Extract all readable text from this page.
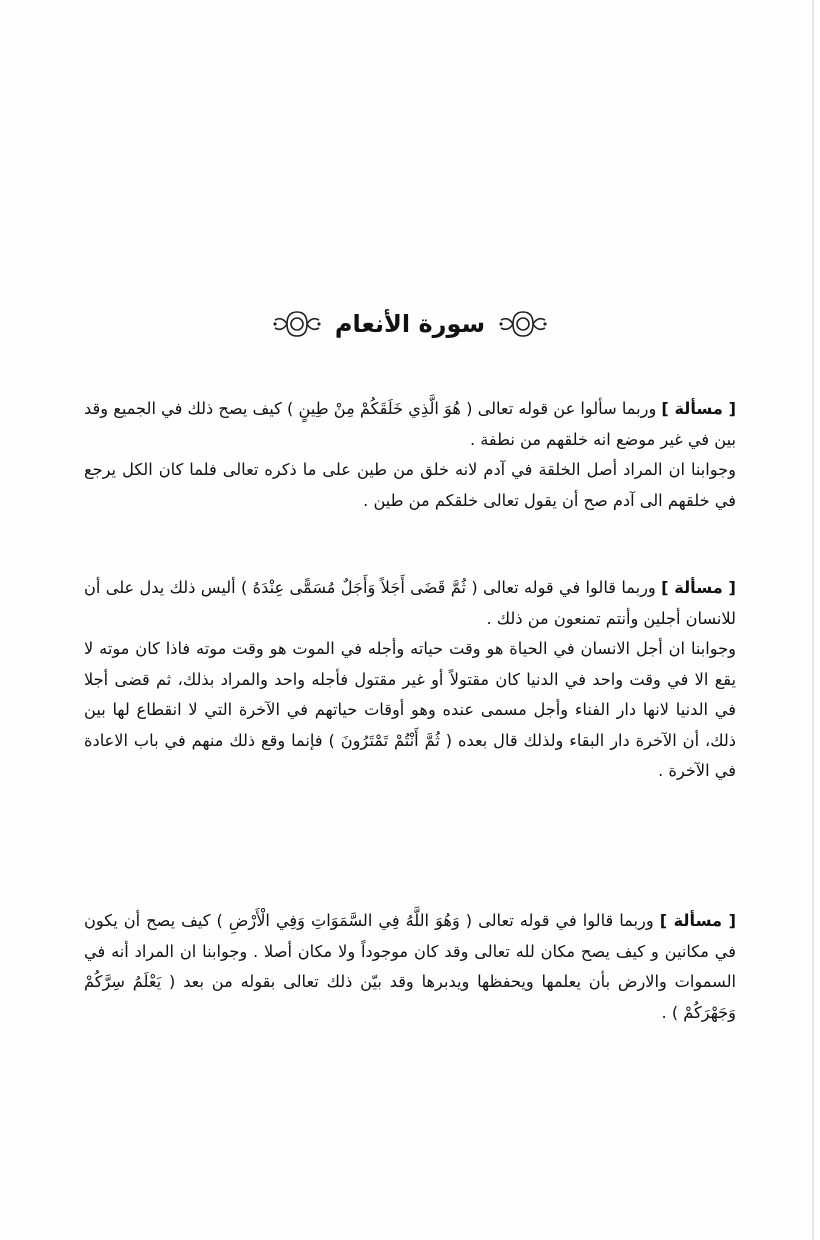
سورة الأنعام

[ مسألة ] وربما سألوا عن قوله تعالى ( هُوَ الَّذِي خَلَقَكُمْ مِنْ طِينٍ ) كيف يصح ذلك في الجميع وقد بين في غير موضع انه خلقهم من نطفة .

وجوابنا ان المراد أصل الخلقة في آدم لانه خلق من طين على ما ذكره تعالى فلما كان الكل يرجع في خلقهم الى آدم صح أن يقول تعالى خلقكم من طين .

[ مسألة ] وربما قالوا في قوله تعالى ( ثُمَّ قَضَى أَجَلاً وَأَجَلٌ مُسَمًّى عِنْدَهُ ) أليس ذلك يدل على أن للانسان أجلين وأنتم تمنعون من ذلك .

وجوابنا ان أجل الانسان في الحياة هو وقت حياته وأجله في الموت هو وقت موته فاذا كان موته لا يقع الا في وقت واحد في الدنيا كان مقتولاً أو غير مقتول فأجله واحد والمراد بذلك، ثم قضى أجلا في الدنيا لانها دار الفناء وأجل مسمى عنده وهو أوقات حياتهم في الآخرة التي لا انقطاع لها بين ذلك، أن الآخرة دار البقاء ولذلك قال بعده ( ثُمَّ أَنْتُمْ تَمْتَرُونَ ) فإنما وقع ذلك منهم في باب الاعادة في الآخرة .

[ مسألة ] وربما قالوا في قوله تعالى ( وَهُوَ اللَّهُ فِي السَّمَوَاتِ وَفِي الْأَرْضِ ) كيف يصح أن يكون في مكانين و كيف يصح مكان لله تعالى وقد كان موجوداً ولا مكان أصلا . وجوابنا ان المراد أنه في السموات والارض بأن يعلمها ويحفظها ويدبرها وقد بيّن ذلك تعالى بقوله من بعد ( يَعْلَمُ سِرَّكُمْ وَجَهْرَكُمْ ) .
